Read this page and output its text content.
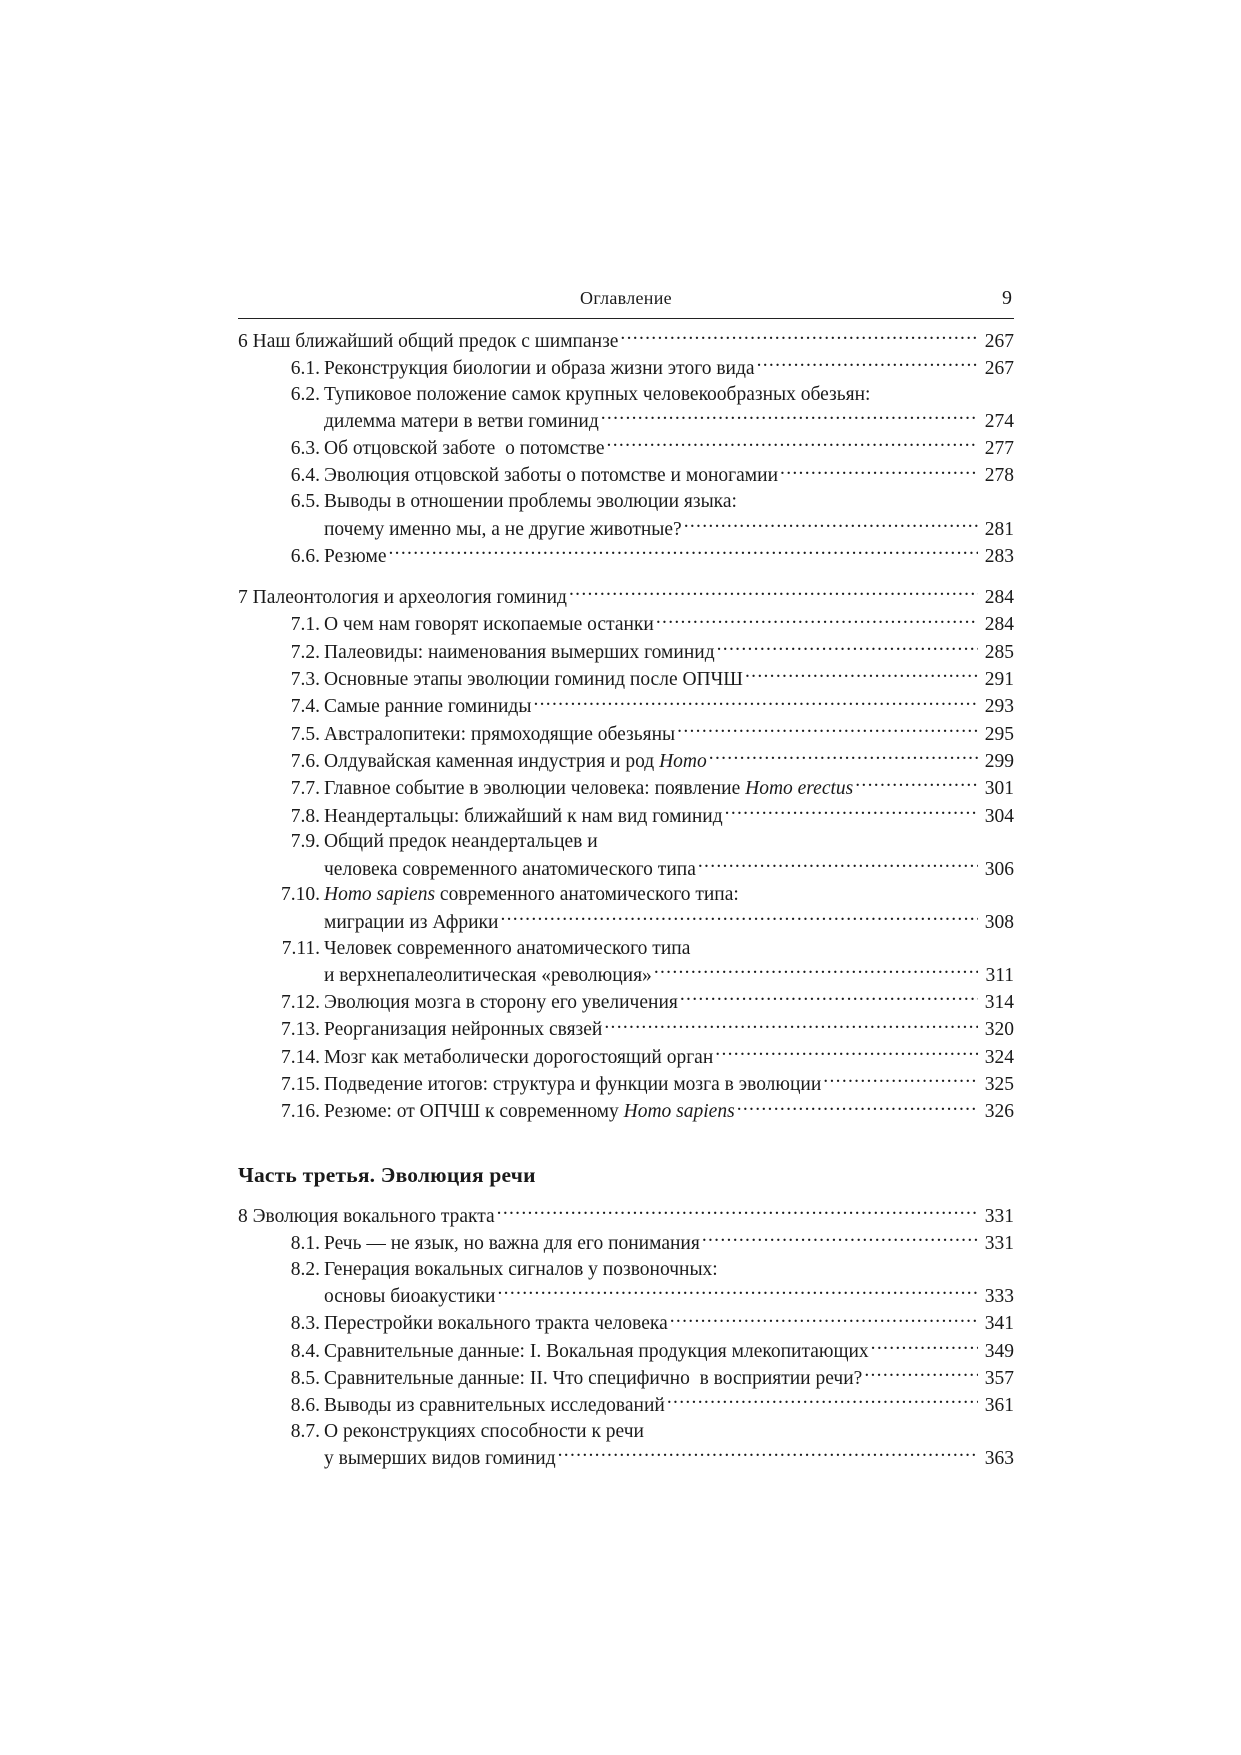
Оглавление	9
6 Наш ближайший общий предок с шимпанзе .....	267
6.1. Реконструкция биологии и образа жизни этого вида .....	267
6.2. Тупиковое положение самок крупных человекообразных обезьян:
дилемма матери в ветви гоминид .....	274
6.3. Об отцовской заботе  о потомстве .....	277
6.4. Эволюция отцовской заботы о потомстве и моногамии .....	278
6.5. Выводы в отношении проблемы эволюции языка:
почему именно мы, а не другие животные? .....	281
6.6. Резюме .....	283
7 Палеонтология и археология гоминид .....	284
7.1. О чем нам говорят ископаемые останки .....	284
7.2. Палеовиды: наименования вымерших гоминид .....	285
7.3. Основные этапы эволюции гоминид после ОПЧШ .....	291
7.4. Самые ранние гоминиды .....	293
7.5. Австралопитеки: прямоходящие обезьяны .....	295
7.6. Олдувайская каменная индустрия и род Homo .....	299
7.7. Главное событие в эволюции человека: появление Homo erectus .....	301
7.8. Неандертальцы: ближайший к нам вид гоминид .....	304
7.9. Общий предок неандертальцев и
человека современного анатомического типа .....	306
7.10. Homo sapiens современного анатомического типа:
миграции из Африки .....	308
7.11. Человек современного анатомического типа
и верхнепалеолитическая «революция» .....	311
7.12. Эволюция мозга в сторону его увеличения .....	314
7.13. Реорганизация нейронных связей .....	320
7.14. Мозг как метаболически дорогостоящий орган .....	324
7.15. Подведение итогов: структура и функции мозга в эволюции .....	325
7.16. Резюме: от ОПЧШ к современному Homo sapiens .....	326
Часть третья. Эволюция речи
8 Эволюция вокального тракта .....	331
8.1. Речь — не язык, но важна для его понимания .....	331
8.2. Генерация вокальных сигналов у позвоночных:
основы биоакустики .....	333
8.3. Перестройки вокального тракта человека .....	341
8.4. Сравнительные данные: I. Вокальная продукция млекопитающих .....	349
8.5. Сравнительные данные: II. Что специфично  в восприятии речи? .....	357
8.6. Выводы из сравнительных исследований .....	361
8.7. О реконструкциях способности к речи
у вымерших видов гоминид .....	363
